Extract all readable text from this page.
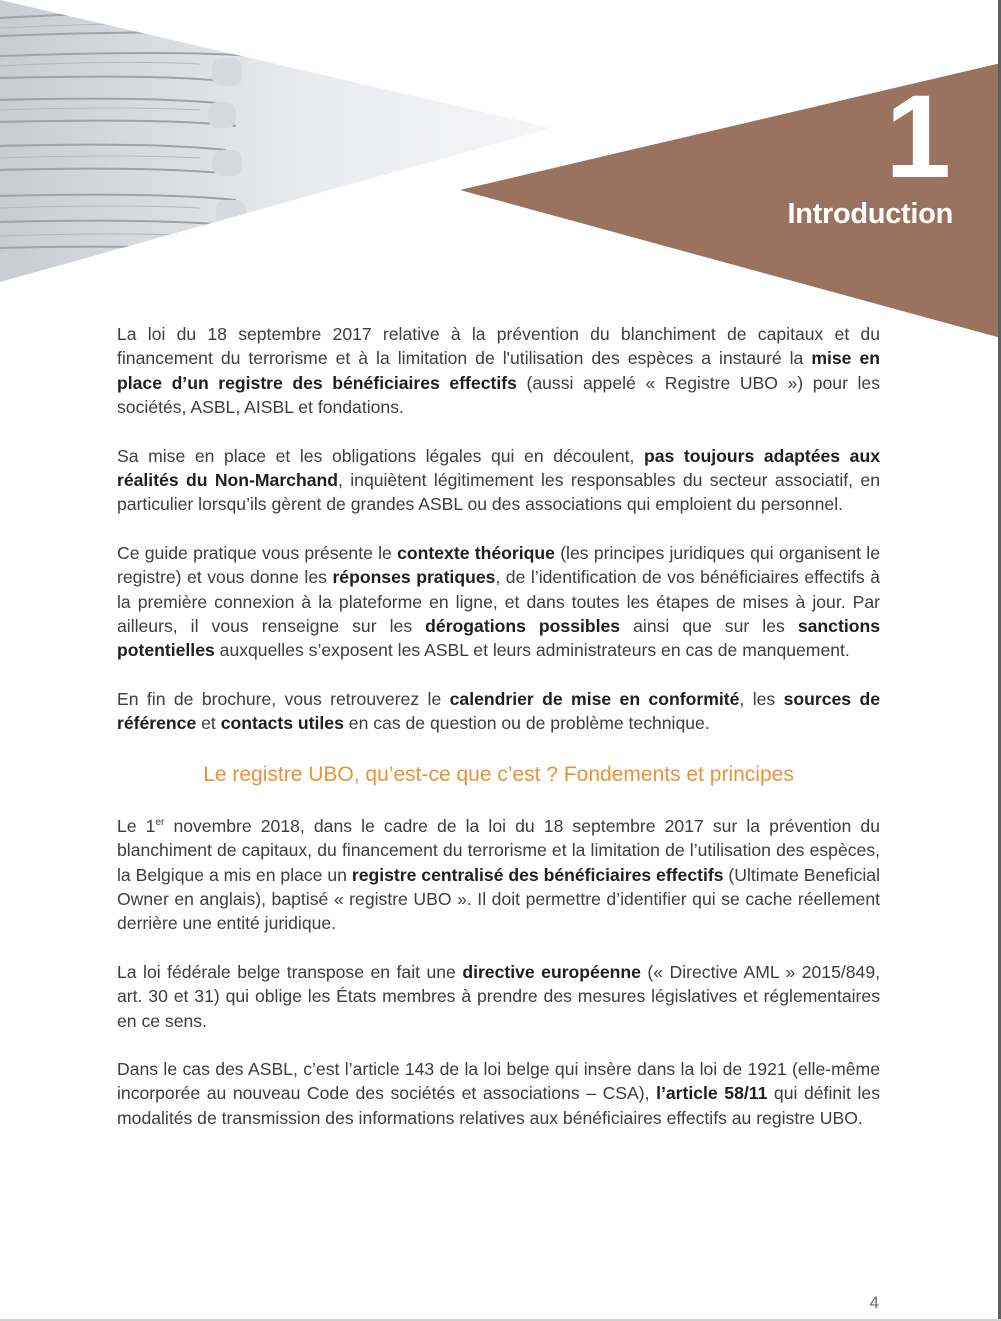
1
Introduction

La loi du 18 septembre 2017 relative à la prévention du blanchiment de capitaux et du financement du terrorisme et à la limitation de l'utilisation des espèces a instauré la mise en place d’un registre des bénéficiaires effectifs (aussi appelé « Registre UBO ») pour les sociétés, ASBL, AISBL et fondations.

Sa mise en place et les obligations légales qui en découlent, pas toujours adaptées aux réalités du Non-Marchand, inquiètent légitimement les responsables du secteur associatif, en particulier lorsqu’ils gèrent de grandes ASBL ou des associations qui emploient du personnel.

Ce guide pratique vous présente le contexte théorique (les principes juridiques qui organisent le registre) et vous donne les réponses pratiques, de l’identification de vos bénéficiaires effectifs à la première connexion à la plateforme en ligne, et dans toutes les étapes de mises à jour. Par ailleurs, il vous renseigne sur les dérogations possibles ainsi que sur les sanctions potentielles auxquelles s’exposent les ASBL et leurs administrateurs en cas de manquement.

En fin de brochure, vous retrouverez le calendrier de mise en conformité, les sources de référence et contacts utiles en cas de question ou de problème technique.

Le registre UBO, qu’est-ce que c’est ? Fondements et principes

Le 1er novembre 2018, dans le cadre de la loi du 18 septembre 2017 sur la prévention du blanchiment de capitaux, du financement du terrorisme et la limitation de l’utilisation des espèces, la Belgique a mis en place un registre centralisé des bénéficiaires effectifs (Ultimate Beneficial Owner en anglais), baptisé « registre UBO ». Il doit permettre d’identifier qui se cache réellement derrière une entité juridique.

La loi fédérale belge transpose en fait une directive européenne (« Directive AML » 2015/849, art. 30 et 31) qui oblige les États membres à prendre des mesures législatives et réglementaires en ce sens.

Dans le cas des ASBL, c’est l’article 143 de la loi belge qui insère dans la loi de 1921 (elle-même incorporée au nouveau Code des sociétés et associations – CSA), l’article 58/11 qui définit les modalités de transmission des informations relatives aux bénéficiaires effectifs au registre UBO.

4
